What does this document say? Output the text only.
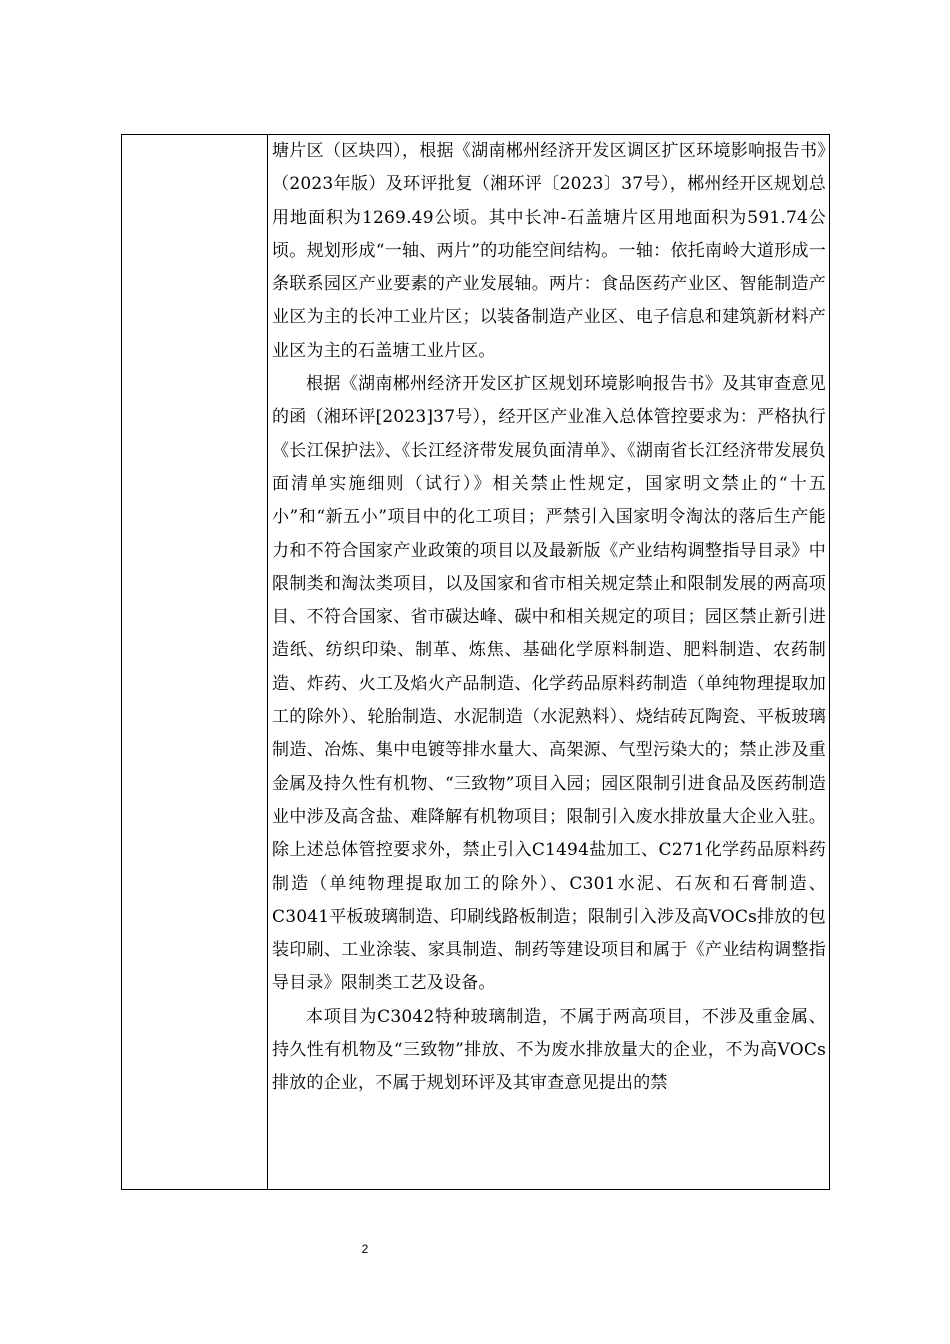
塘片区（区块四），根据《湖南郴州经济开发区调区扩区环境影响报告书》（2023年版）及环评批复（湘环评〔2023〕37号），郴州经开区规划总用地面积为1269.49公顷。其中长冲-石盖塘片区用地面积为591.74公顷。规划形成“一轴、两片”的功能空间结构。一轴：依托南岭大道形成一条联系园区产业要素的产业发展轴。两片：食品医药产业区、智能制造产业区为主的长冲工业片区；以装备制造产业区、电子信息和建筑新材料产业区为主的石盖塘工业片区。

根据《湖南郴州经济开发区扩区规划环境影响报告书》及其审查意见的函（湘环评[2023]37号），经开区产业准入总体管控要求为：严格执行《长江保护法》、《长江经济带发展负面清单》、《湖南省长江经济带发展负面清单实施细则（试行）》相关禁止性规定，国家明文禁止的“十五小”和“新五小”项目中的化工项目；严禁引入国家明令淘汰的落后生产能力和不符合国家产业政策的项目以及最新版《产业结构调整指导目录》中限制类和淘汰类项目，以及国家和省市相关规定禁止和限制发展的两高项目、不符合国家、省市碳达峰、碳中和相关规定的项目；园区禁止新引进造纸、纺织印染、制革、炼焦、基础化学原料制造、肥料制造、农药制造、炸药、火工及焰火产品制造、化学药品原料药制造（单纯物理提取加工的除外）、轮胎制造、水泥制造（水泥熟料）、烧结砖瓦陶瓷、平板玻璃制造、冶炼、集中电镀等排水量大、高架源、气型污染大的；禁止涉及重金属及持久性有机物、“三致物”项目入园；园区限制引进食品及医药制造业中涉及高含盐、难降解有机物项目；限制引入废水排放量大企业入驻。除上述总体管控要求外，禁止引入C1494盐加工、C271化学药品原料药制造（单纯物理提取加工的除外）、C301水泥、石灰和石膏制造、C3041平板玻璃制造、印刷线路板制造；限制引入涉及高VOCs排放的包装印刷、工业涂装、家具制造、制药等建设项目和属于《产业结构调整指导目录》限制类工艺及设备。

本项目为C3042特种玻璃制造，不属于两高项目，不涉及重金属、持久性有机物及“三致物”排放、不为废水排放量大的企业，不为高VOCs排放的企业，不属于规划环评及其审查意见提出的禁

2
